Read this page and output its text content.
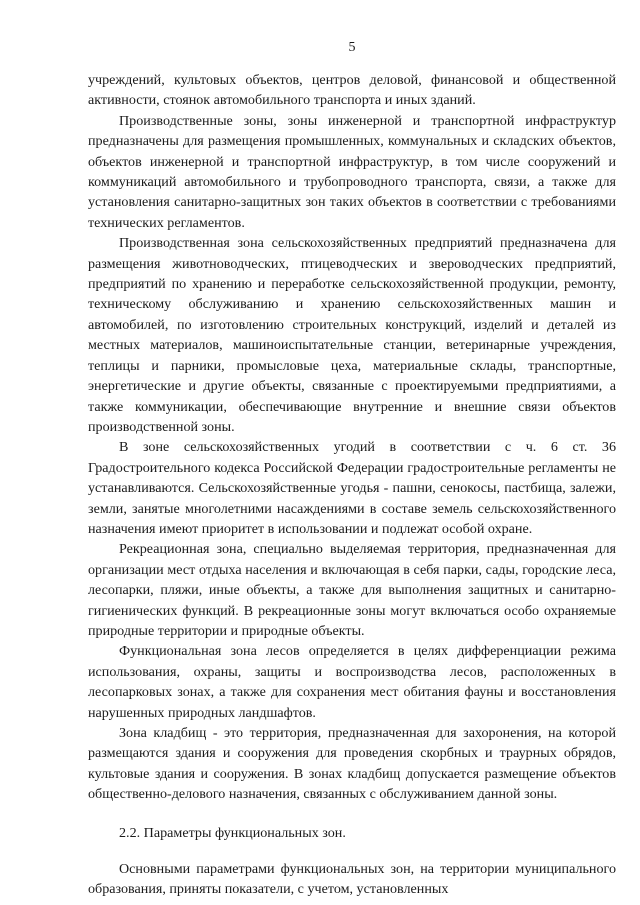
5

учреждений, культовых объектов, центров деловой, финансовой и общественной активности, стоянок автомобильного транспорта и иных зданий.

Производственные зоны, зоны инженерной и транспортной инфраструктур предназначены для размещения промышленных, коммунальных и складских объектов, объектов инженерной и транспортной инфраструктур, в том числе сооружений и коммуникаций автомобильного и трубопроводного транспорта, связи, а также для установления санитарно-защитных зон таких объектов в соответствии с требованиями технических регламентов.

Производственная зона сельскохозяйственных предприятий предназначена для размещения животноводческих, птицеводческих и звероводческих предприятий, предприятий по хранению и переработке сельскохозяйственной продукции, ремонту, техническому обслуживанию и хранению сельскохозяйственных машин и автомобилей, по изготовлению строительных конструкций, изделий и деталей из местных материалов, машиноиспытательные станции, ветеринарные учреждения, теплицы и парники, промысловые цеха, материальные склады, транспортные, энергетические и другие объекты, связанные с проектируемыми предприятиями, а также коммуникации, обеспечивающие внутренние и внешние связи объектов производственной зоны.

В зоне сельскохозяйственных угодий в соответствии с ч. 6 ст. 36 Градостроительного кодекса Российской Федерации градостроительные регламенты не устанавливаются. Сельскохозяйственные угодья - пашни, сенокосы, пастбища, залежи, земли, занятые многолетними насаждениями в составе земель сельскохозяйственного назначения имеют приоритет в использовании и подлежат особой охране.

Рекреационная зона, специально выделяемая территория, предназначенная для организации мест отдыха населения и включающая в себя парки, сады, городские леса, лесопарки, пляжи, иные объекты, а также для выполнения защитных и санитарно-гигиенических функций. В рекреационные зоны могут включаться особо охраняемые природные территории и природные объекты.

Функциональная зона лесов определяется в целях дифференциации режима использования, охраны, защиты и воспроизводства лесов, расположенных в лесопарковых зонах, а также для сохранения мест обитания фауны и восстановления нарушенных природных ландшафтов.

Зона кладбищ - это территория, предназначенная для захоронения, на которой размещаются здания и сооружения для проведения скорбных и траурных обрядов, культовые здания и сооружения. В зонах кладбищ допускается размещение объектов общественно-делового назначения, связанных с обслуживанием данной зоны.

2.2. Параметры функциональных зон.

Основными параметрами функциональных зон, на территории муниципального образования, приняты показатели, с учетом, установленных
